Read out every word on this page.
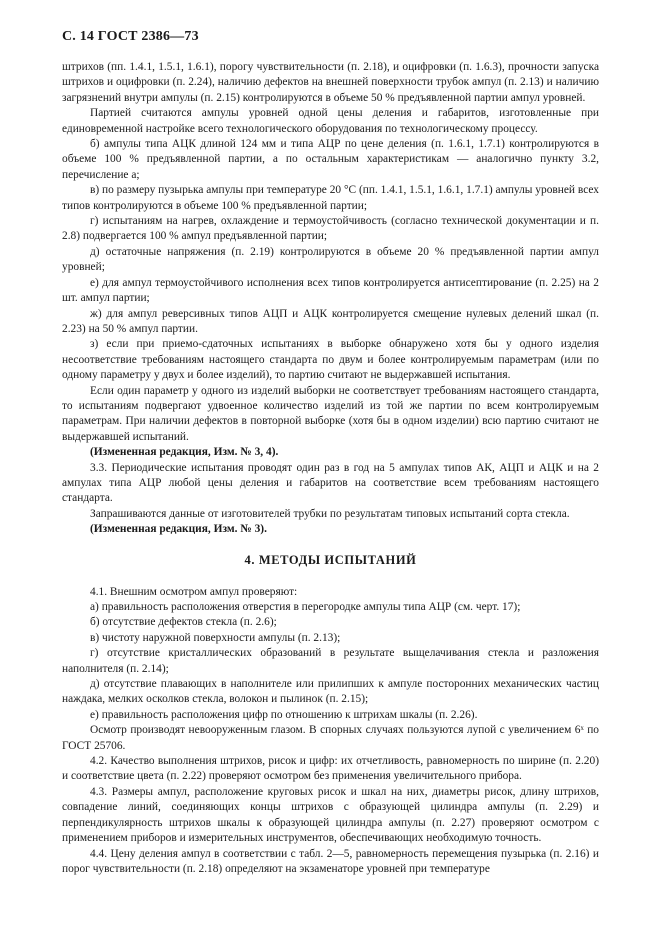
С. 14 ГОСТ 2386—73

штрихов (пп. 1.4.1, 1.5.1, 1.6.1), порогу чувствительности (п. 2.18), и оцифровки (п. 1.6.3), прочности запуска штрихов и оцифровки (п. 2.24), наличию дефектов на внешней поверхности трубок ампул (п. 2.13) и наличию загрязнений внутри ампулы (п. 2.15) контролируются в объеме 50 % предъявленной партии ампул уровней.

Партией считаются ампулы уровней одной цены деления и габаритов, изготовленные при единовременной настройке всего технологического оборудования по технологическому процессу.

б) ампулы типа АЦК длиной 124 мм и типа АЦР по цене деления (п. 1.6.1, 1.7.1) контролируются в объеме 100 % предъявленной партии, а по остальным характеристикам — аналогично пункту 3.2, перечисление а;

в) по размеру пузырька ампулы при температуре 20 °С (пп. 1.4.1, 1.5.1, 1.6.1, 1.7.1) ампулы уровней всех типов контролируются в объеме 100 % предъявленной партии;

г) испытаниям на нагрев, охлаждение и термоустойчивость (согласно технической документации и п. 2.8) подвергается 100 % ампул предъявленной партии;

д) остаточные напряжения (п. 2.19) контролируются в объеме 20 % предъявленной партии ампул уровней;

е) для ампул термоустойчивого исполнения всех типов контролируется антисептирование (п. 2.25) на 2 шт. ампул партии;

ж) для ампул реверсивных типов АЦП и АЦК контролируется смещение нулевых делений шкал (п. 2.23) на 50 % ампул партии.

з) если при приемо-сдаточных испытаниях в выборке обнаружено хотя бы у одного изделия несоответствие требованиям настоящего стандарта по двум и более контролируемым параметрам (или по одному параметру у двух и более изделий), то партию считают не выдержавшей испытания.

Если один параметр у одного из изделий выборки не соответствует требованиям настоящего стандарта, то испытаниям подвергают удвоенное количество изделий из той же партии по всем контролируемым параметрам. При наличии дефектов в повторной выборке (хотя бы в одном изделии) всю партию считают не выдержавшей испытаний.

(Измененная редакция, Изм. № 3, 4).

3.3. Периодические испытания проводят один раз в год на 5 ампулах типов АК, АЦП и АЦК и на 2 ампулах типа АЦР любой цены деления и габаритов на соответствие всем требованиям настоящего стандарта.

Запрашиваются данные от изготовителей трубки по результатам типовых испытаний сорта стекла.

(Измененная редакция, Изм. № 3).

4. МЕТОДЫ ИСПЫТАНИЙ

4.1. Внешним осмотром ампул проверяют:

а) правильность расположения отверстия в перегородке ампулы типа АЦР (см. черт. 17);

б) отсутствие дефектов стекла (п. 2.6);

в) чистоту наружной поверхности ампулы (п. 2.13);

г) отсутствие кристаллических образований в результате выщелачивания стекла и разложения наполнителя (п. 2.14);

д) отсутствие плавающих в наполнителе или прилипших к ампуле посторонних механических частиц наждака, мелких осколков стекла, волокон и пылинок (п. 2.15);

е) правильность расположения цифр по отношению к штрихам шкалы (п. 2.26).

Осмотр производят невооруженным глазом. В спорных случаях пользуются лупой с увеличением 6ˣ по ГОСТ 25706.

4.2. Качество выполнения штрихов, рисок и цифр: их отчетливость, равномерность по ширине (п. 2.20) и соответствие цвета (п. 2.22) проверяют осмотром без применения увеличительного прибора.

4.3. Размеры ампул, расположение круговых рисок и шкал на них, диаметры рисок, длину штрихов, совпадение линий, соединяющих концы штрихов с образующей цилиндра ампулы (п. 2.29) и перпендикулярность штрихов шкалы к образующей цилиндра ампулы (п. 2.27) проверяют осмотром с применением приборов и измерительных инструментов, обеспечивающих необходимую точность.

4.4. Цену деления ампул в соответствии с табл. 2—5, равномерность перемещения пузырька (п. 2.16) и порог чувствительности (п. 2.18) определяют на экзаменаторе уровней при температуре
